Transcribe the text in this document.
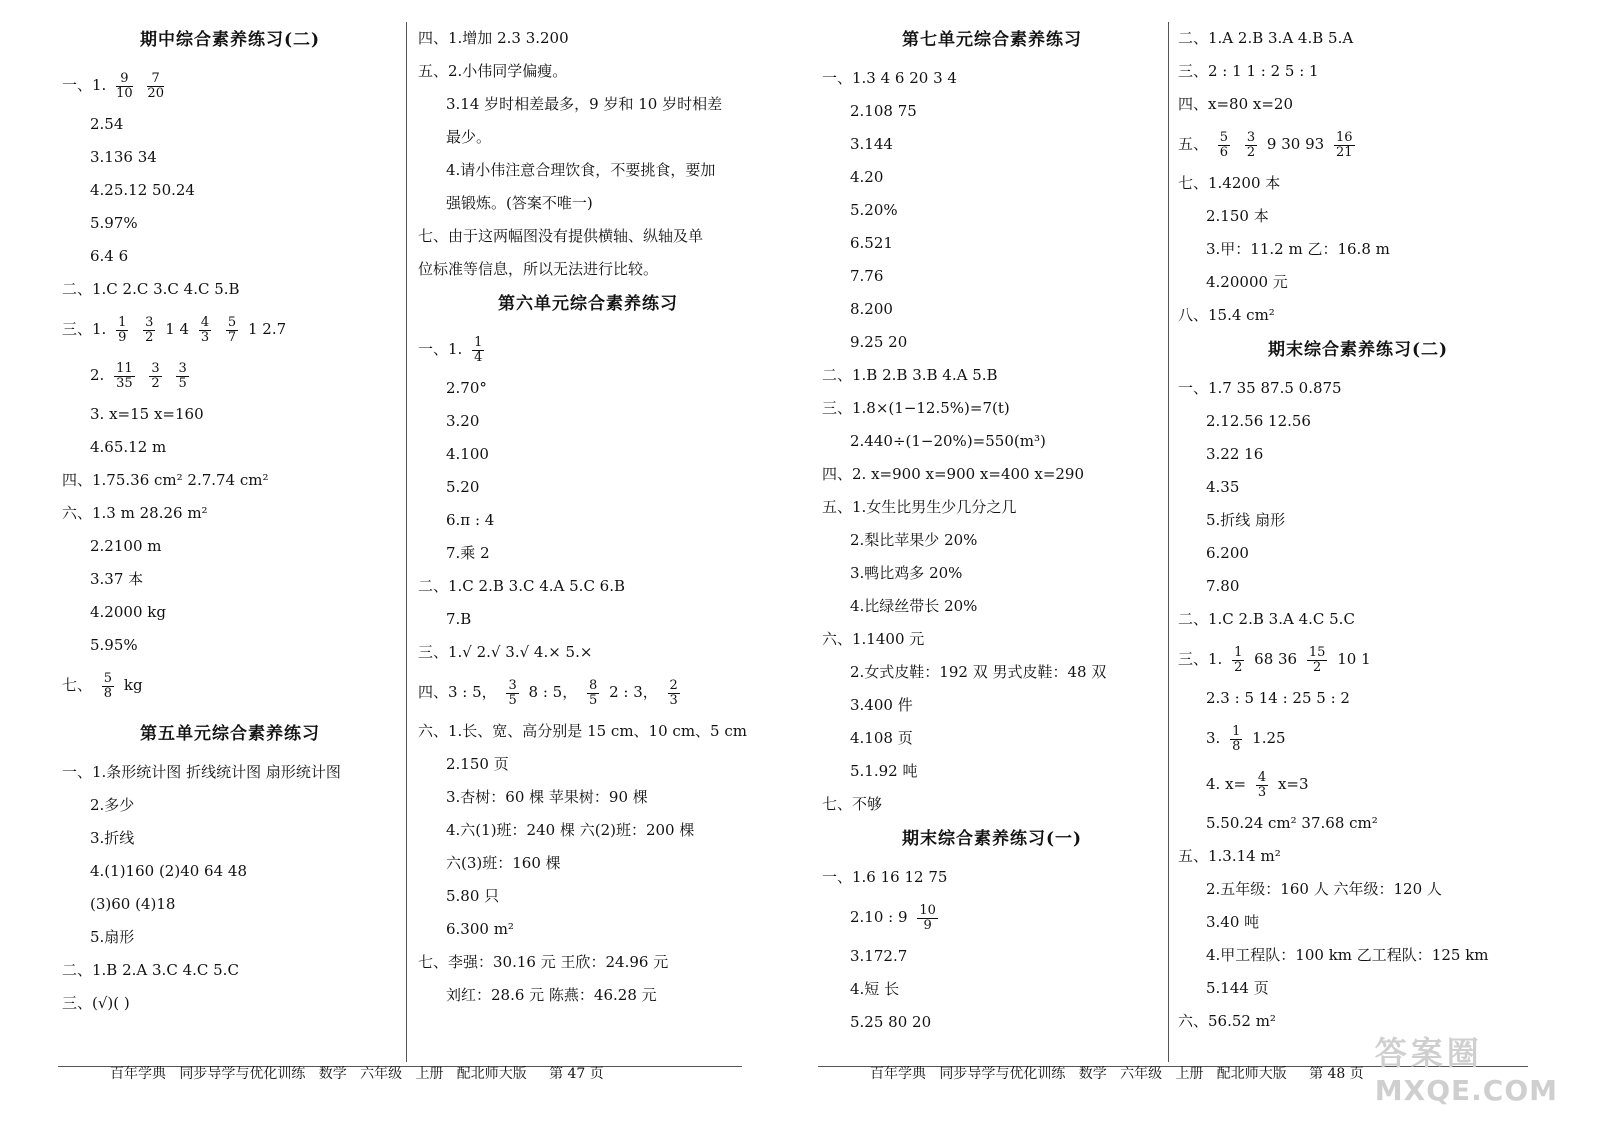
期中综合素养练习(二)
一、1. $\frac{9}{10}$
$\frac{7}{20}$
2.54
3.136 34
4.25.12 50.24
5.97%
6.4 6
二、1.C 2.C 3.C 4.C 5.B
三、1. $\frac{1}{9}$
$\frac{3}{2} 1$ $4 \frac{4}{3}$
$\frac{5}{7} 1$ 2.7
2. $\frac{11}{35}$
$\frac{3}{2}$
$\frac{3}{5}$
3. x=15 x=160
4.65.12 m
四、1.75.36 cm² 2.7.74 cm²
六、1.3 m 28.26 m²
2.2100 m
3.37 本
4.2000 kg
5.95%
七、 $\frac{5}{8}$ kg
第五单元综合素养练习
一、1.条形统计图 折线统计图 扇形统计图
2.多少
3.折线
4.(1)160 (2)40 64 48
(3)60 (4)18
5.扇形
二、1.B 2.A 3.C 4.C 5.C
三、(√)( )
四、1.增加 2.3 3.200
五、2.小伟同学偏瘦。
3.14 岁时相差最多，9 岁和 10 岁时相差
最少。
4.请小伟注意合理饮食，不要挑食，要加
强锻炼。(答案不唯一)
七、由于这两幅图没有提供横轴、纵轴及单
位标准等信息，所以无法进行比较。
第六单元综合素养练习
一、1. $\frac{1}{4}$
2.70°
3.20
4.100
5.20
6.π : 4
7.乘 2
二、1.C 2.B 3.C 4.A 5.C 6.B
7.B
三、1.√ 2.√ 3.√ 4.× 5.×
四、3 : 5， $\frac{3}{5} 8$ : 5， $\frac{8}{5} 2$ : 3， $\frac{2}{3}$
六、1.长、宽、高分别是 15 cm、10 cm、5 cm
2.150 页
3.杏树：60 棵 苹果树：90 棵
4.六(1)班：240 棵 六(2)班：200 棵
六(3)班：160 棵
5.80 只
6.300 m²
七、李强：30.16 元 王欣：24.96 元
刘红：28.6 元 陈燕：46.28 元
百年学典 同步导学与优化训练 数学 六年级 上册 配北师大版 第 47 页
第七单元综合素养练习
一、1.3 4 6 20 3 4
2.108 75
3.144
4.20
5.20%
6.521
7.76
8.200
9.25 20
二、1.B 2.B 3.B 4.A 5.B
三、1.8×(1−12.5%)=7(t)
2.440÷(1−20%)=550(m³)
四、2. x=900 x=900 x=400 x=290
五、1.女生比男生少几分之几
2.梨比苹果少 20%
3.鸭比鸡多 20%
4.比绿丝带长 20%
六、1.1400 元
2.女式皮鞋：192 双 男式皮鞋：48 双
3.400 件
4.108 页
5.1.92 吨
七、不够
期末综合素养练习(一)
一、1.6 16 12 75
2.10 : $9 \frac{10}{9}$
3.172.7
4.短 长
5.25 80 20
二、1.A 2.B 3.A 4.B 5.A
三、2 : 1 1 : 2 5 : 1
四、x=80 x=20
五、 $\frac{5}{6}$
$\frac{3}{2} 9$ 30 $93 \frac{16}{21}$
七、1.4200 本
2.150 本
3.甲：11.2 m 乙：16.8 m
4.20000 元
八、15.4 cm²
期末综合素养练习(二)
一、1.7 35 87.5 0.875
2.12.56 12.56
3.22 16
4.35
5.折线 扇形
6.200
7.80
二、1.C 2.B 3.A 4.C 5.C
三、1. $\frac{1}{2} 68$ $36 \frac{15}{2} 10$ 1
2.3 : 5 14 : 25 5 : 2
3. $\frac{1}{8} 1.25$
4. $x= \frac{4}{3} x=3$
5.50.24 cm² 37.68 cm²
五、1.3.14 m²
2.五年级：160 人 六年级：120 人
3.40 吨
4.甲工程队：100 km 乙工程队：125 km
5.144 页
六、56.52 m²
百年学典 同步导学与优化训练 数学 六年级 上册 配北师大版 第 48 页
答案圈
MXQE.COM
